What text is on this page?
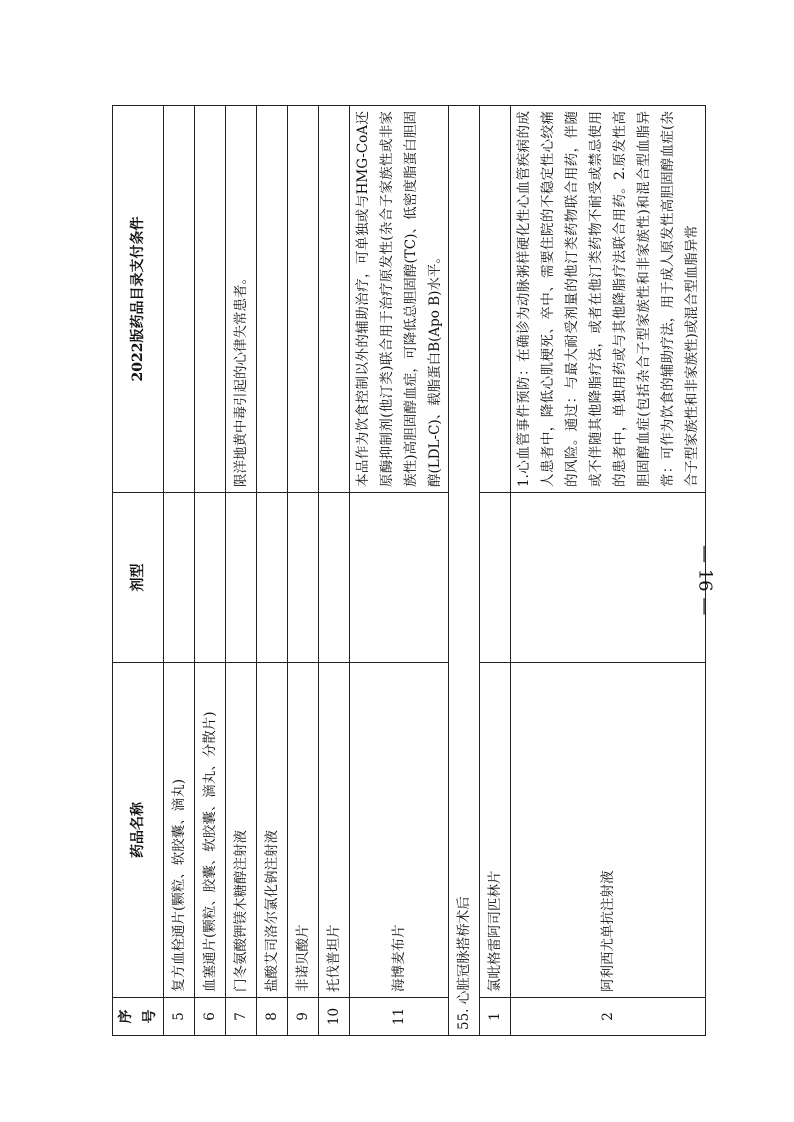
序号	药品名称	剂型	2022版药品目录支付条件
5	复方血栓通片(颗粒、软胶囊、滴丸)		
6	血塞通片(颗粒、胶囊、软胶囊、滴丸、分散片)		
7	门冬氨酸钾镁木糖醇注射液		限洋地黄中毒引起的心律失常患者。
8	盐酸艾司洛尔氯化钠注射液		
9	非诺贝酸片		
10	托伐普坦片		
11	海博麦布片		本品作为饮食控制以外的辅助治疗，可单独或与HMG-CoA还原酶抑制剂(他汀类)联合用于治疗原发性(杂合子家族性或非家族性)高胆固醇血症，可降低总胆固醇(TC)、低密度脂蛋白胆固醇(LDL-C)、载脂蛋白B(Apo B)水平。
55. 心脏冠脉搭桥术后			
1	氯吡格雷阿司匹林片		
2	阿利西尤单抗注射液		1.心血管事件预防：在确诊为动脉粥样硬化性心血管疾病的成人患者中，降低心肌梗死、卒中、需要住院的不稳定性心绞痛的风险。通过：与最大耐受剂量的他汀类药物联合用药，伴随或不伴随其他降脂疗法，或者在他汀类药物不耐受或禁忌使用的患者中，单独用药或与其他降脂疗法联合用药。2.原发性高胆固醇血症(包括杂合子型家族性和非家族性)和混合型血脂异常：可作为饮食的辅助疗法，用于成人原发性高胆固醇血症(杂合子型家族性和非家族性)或混合型血脂异常
— 16 —
